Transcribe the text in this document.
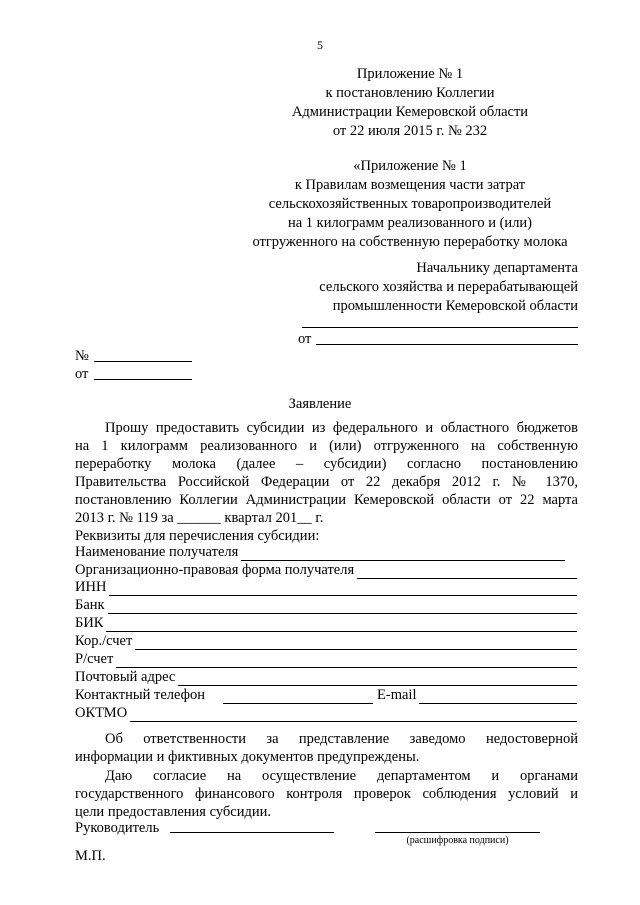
5
Приложение № 1
к постановлению Коллегии
Администрации Кемеровской области
от 22 июля 2015 г. № 232
«Приложение № 1
к Правилам возмещения части затрат
сельскохозяйственных товаропроизводителей
на 1 килограмм реализованного и (или)
отгруженного на собственную переработку молока
Начальнику департамента
сельского хозяйства и перерабатывающей
промышленности Кемеровской области
от
№
от
Заявление
Прошу предоставить субсидии из федерального и областного бюджетов
на 1 килограмм реализованного и (или) отгруженного на собственную
переработку молока (далее – субсидии) согласно постановлению
Правительства Российской Федерации от 22 декабря 2012 г. № 1370,
постановлению Коллегии Администрации Кемеровской области от 22 марта
2013 г. № 119 за ______ квартал 201__ г.
Реквизиты для перечисления субсидии:
Наименование получателя
Организационно-правовая форма получателя
ИНН
Банк
БИК
Кор./счет
Р/счет
Почтовый адрес
Контактный телефон	E-mail
ОКТМО
Об ответственности за представление заведомо недостоверной
информации и фиктивных документов предупреждены.
Даю согласие на осуществление департаментом и органами
государственного финансового контроля проверок соблюдения условий и
цели предоставления субсидии.
Руководитель
(расшифровка подписи)
М.П.
